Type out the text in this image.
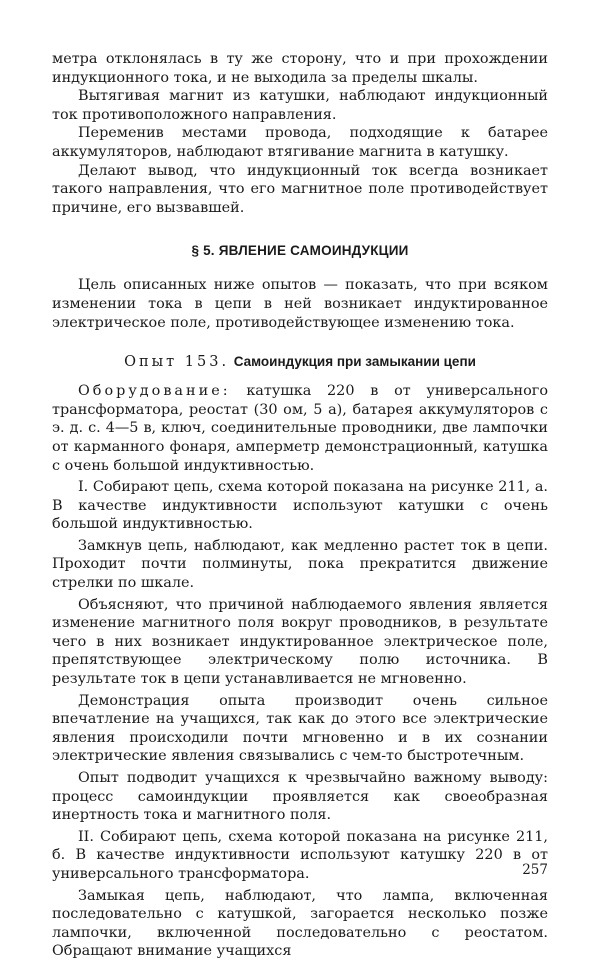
метра отклонялась в ту же сторону, что и при прохождении индукционного тока, и не выходила за пределы шкалы.

Вытягивая магнит из катушки, наблюдают индукционный ток противоположного направления.

Переменив местами провода, подходящие к батарее аккумуляторов, наблюдают втягивание магнита в катушку.

Делают вывод, что индукционный ток всегда возникает такого направления, что его магнитное поле противодействует причине, его вызвавшей.

§ 5. ЯВЛЕНИЕ САМОИНДУКЦИИ

Цель описанных ниже опытов — показать, что при всяком изменении тока в цепи в ней возникает индуктированное электрическое поле, противодействующее изменению тока.

Опыт 153. Самоиндукция при замыкании цепи

Оборудование: катушка 220 в от универсального трансформатора, реостат (30 ом, 5 а), батарея аккумуляторов с э. д. с. 4—5 в, ключ, соединительные проводники, две лампочки от карманного фонаря, амперметр демонстрационный, катушка с очень большой индуктивностью.

I. Собирают цепь, схема которой показана на рисунке 211, а. В качестве индуктивности используют катушки с очень большой индуктивностью.

Замкнув цепь, наблюдают, как медленно растет ток в цепи. Проходит почти полминуты, пока прекратится движение стрелки по шкале.

Объясняют, что причиной наблюдаемого явления является изменение магнитного поля вокруг проводников, в результате чего в них возникает индуктированное электрическое поле, препятствующее электрическому полю источника. В результате ток в цепи устанавливается не мгновенно.

Демонстрация опыта производит очень сильное впечатление на учащихся, так как до этого все электрические явления происходили почти мгновенно и в их сознании электрические явления связывались с чем-то быстротечным.

Опыт подводит учащихся к чрезвычайно важному выводу: процесс самоиндукции проявляется как своеобразная инертность тока и магнитного поля.

II. Собирают цепь, схема которой показана на рисунке 211, б. В качестве индуктивности используют катушку 220 в от универсального трансформатора.

Замыкая цепь, наблюдают, что лампа, включенная последовательно с катушкой, загорается несколько позже лампочки, включенной последовательно с реостатом. Обращают внимание учащихся

257
